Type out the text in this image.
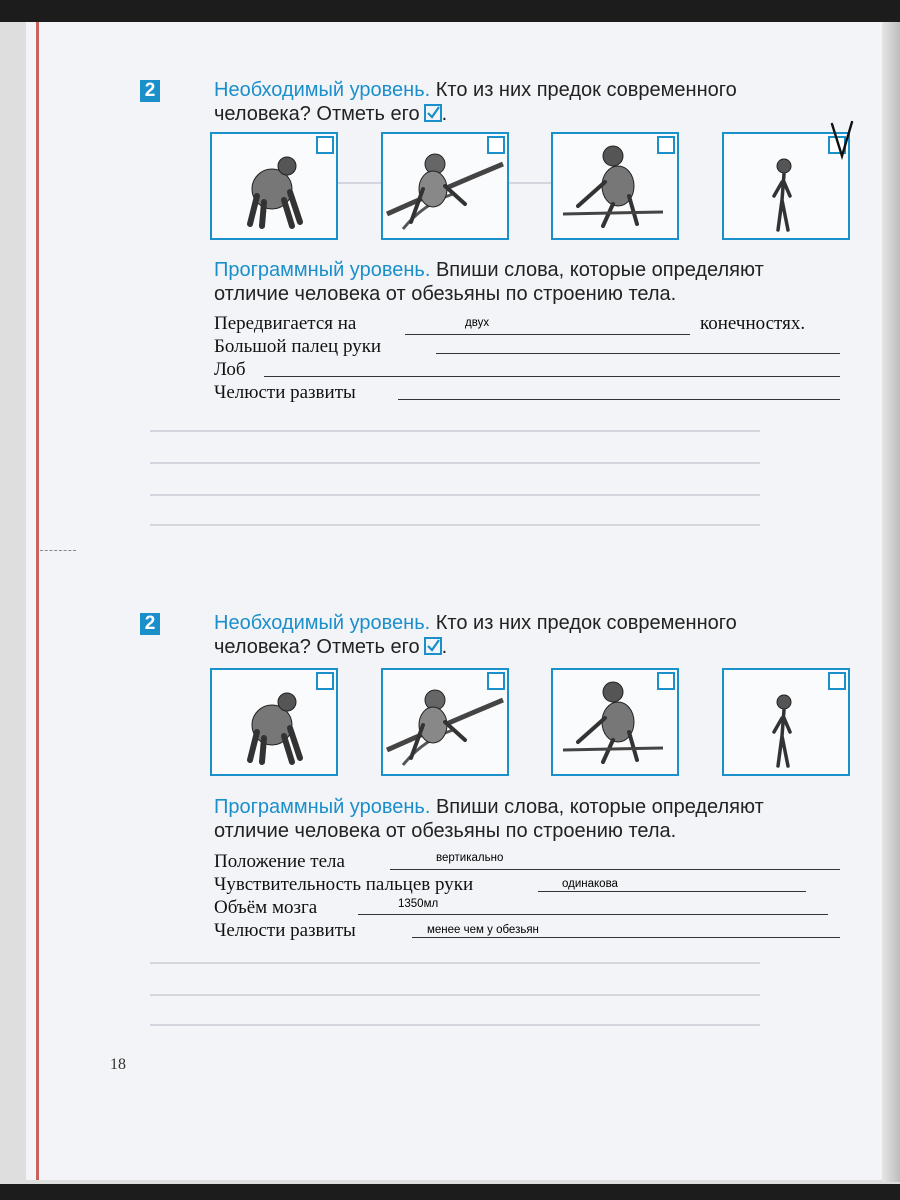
2	Необходимый уровень. Кто из них предок современного
человека? Отметь его .
Программный уровень. Впиши слова, которые определяют
отличие человека от обезьяны по строению тела.
Передвигается на	двух	конечностях.
Большой палец руки
Лоб
Челюсти развиты
2	Необходимый уровень. Кто из них предок современного
человека? Отметь его .
Программный уровень. Впиши слова, которые определяют
отличие человека от обезьяны по строению тела.
Положение тела	вертикально
Чувствительность пальцев руки	одинакова
Объём мозга	1350мл
Челюсти развиты	менее чем у обезьян
18
